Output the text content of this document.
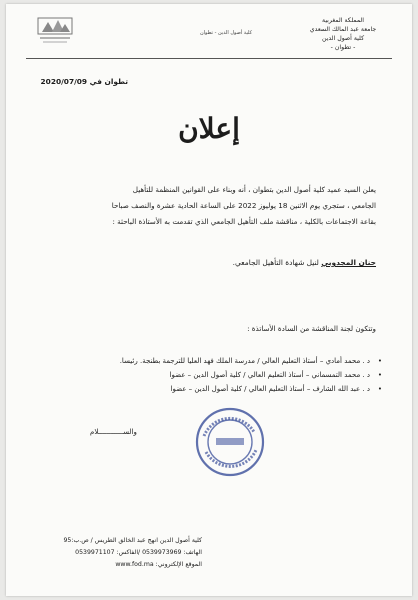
كلية أصول الدين - تطوان
المملكة المغربية
جامعة عبد المالك السعدي
كلية أصول الدين
- تطوان -
تطوان في 2020/07/09
إعلان
يعلن السيد عميد كلية أصول الدين بتطوان ، أنه وبناء على القوانين المنظمة للتأهيل
الجامعي ، ستجري يوم الاثنين 18 يوليوز 2022 على الساعة الحادية عشرة والنصف صباحا
بقاعة الاجتماعات بالكلية ، مناقشة ملف التأهيل الجامعي الذي تقدمت به الأستاذة الباحثة :
حنان المجدوبي لنيل شهادة التأهيل الجامعي.
وتتكون لجنة المناقشة من السادة الأساتذة :
• د . محمد أمادي – أستاذ التعليم العالي / مدرسة الملك فهد العليا للترجمة بطنجة. رئيسا.
• د . محمد التمسماني – أستاذ التعليم العالي / كلية أصول الدين – عضوا
• د . عبد الله الشارف – أستاذ التعليم العالي / كلية أصول الدين – عضوا
والســــــــــــلام
كلية أصول الدين انهج عبد الخالق الطريس / ص.ب:95
الهاتف: 0539973969 /الفاكس: 0539971107
الموقع الإلكتروني: www.fod.ma
